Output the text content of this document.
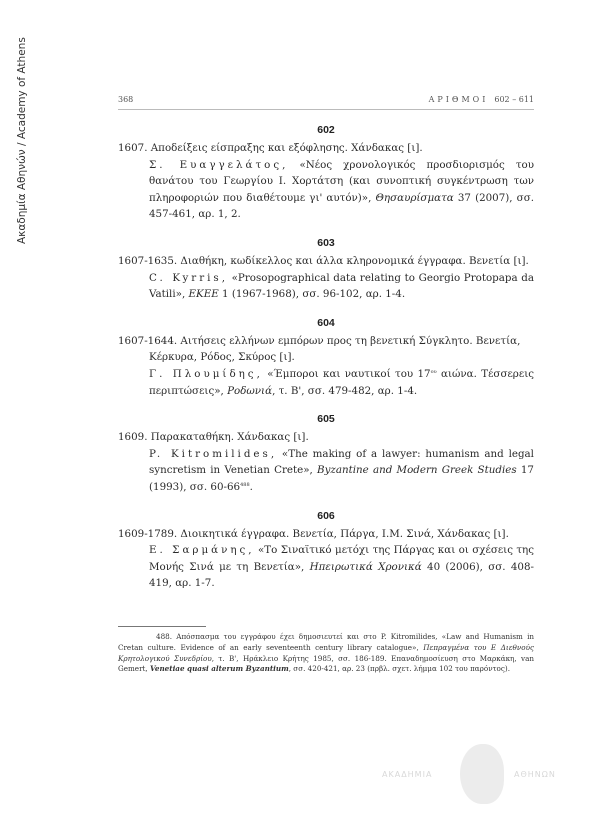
Ακαδημία Αθηνών / Academy of Athens	368	ΑΡΙΘΜΟΙ 602 – 611

602

1607. Αποδείξεις είσπραξης και εξόφλησης. Χάνδακας [ι].

Σ. Ευαγγελάτος, «Νέος χρονολογικός προσδιορισμός του θανάτου του Γεωργίου Ι. Χορτάτση (και συνοπτική συγκέντρωση των πληροφοριών που διαθέτουμε γι' αυτόν)», Θησαυρίσματα 37 (2007), σσ. 457-461, αρ. 1, 2.

603

1607-1635. Διαθήκη, κωδίκελλος και άλλα κληρονομικά έγγραφα. Βενετία [ι].

C. Kyrris, «Prosopographical data relating to Georgio Protopapa da Vatili», EKEE 1 (1967-1968), σσ. 96-102, αρ. 1-4.

604

1607-1644. Αιτήσεις ελλήνων εμπόρων προς τη βενετική Σύγκλητο. Βενετία, Κέρκυρα, Ρόδος, Σκύρος [ι].

Γ. Πλουμίδης, «Έμποροι και ναυτικοί του $17^{o\upsilon}$ αιώνα. Τέσσερεις περιπτώσεις», Ροδωνιά, τ. Β', σσ. 479-482, αρ. 1-4.

605

1609. Παρακαταθήκη. Χάνδακας [ι].

P. Kitromilides, «The making of a lawyer: humanism and legal syncretism in Venetian Crete», Byzantine and Modern Greek Studies 17 (1993), σσ. $60-66^{488}$.

606

1609-1789. Διοικητικά έγγραφα. Βενετία, Πάργα, Ι.Μ. Σινά, Χάνδακας [ι].

Ε. Σαρμάνης, «Το Σιναϊτικό μετόχι της Πάργας και οι σχέσεις της Μονής Σινά με τη Βενετία», Ηπειρωτικά Χρονικά 40 (2006), σσ. 408-419, αρ. 1-7.

488. Απόσπασμα του εγγράφου έχει δημοσιευτεί και στο P. Kitromilides, «Law and Humanism in Cretan culture. Evidence of an early seventeenth century library catalogue», Πεπραγμένα του Ε Διεθνούς Κρητολογικού Συνεδρίου, τ. Β', Ηράκλειο Κρήτης 1985, σσ. 186-189. Επαναδημοσίευση στο Μαρκάκη, van Gemert, Venetiae quasi alterum Byzantium, σσ. 420-421, αρ. 23 (πρβλ. σχετ. λήμμα 102 του παρόντος).
ΑΚΑΔΗΜΙΑ	ΑΘΗΝΩΝ
